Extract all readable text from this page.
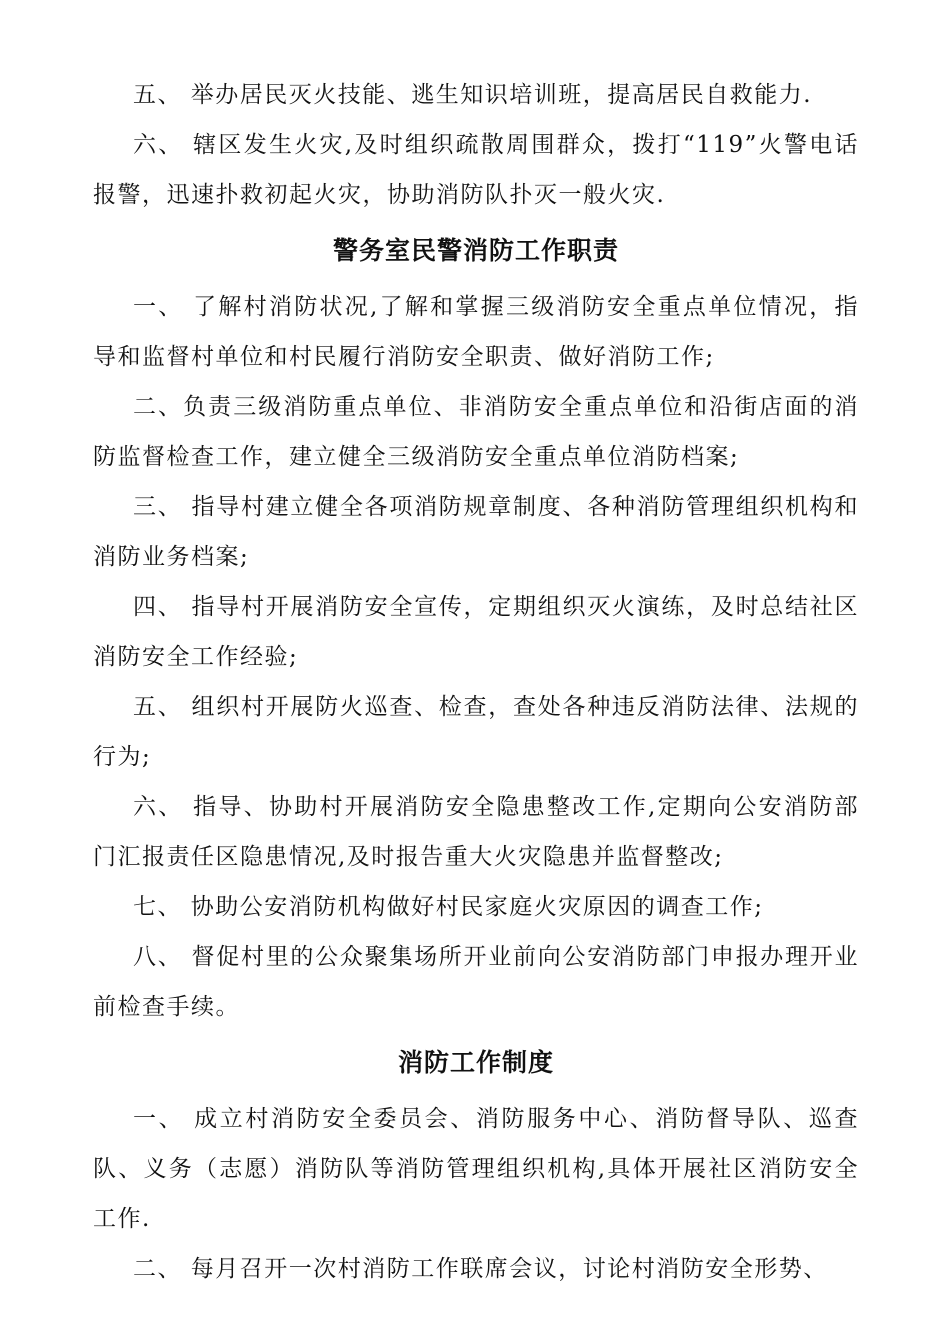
五、 举办居民灭火技能、逃生知识培训班，提高居民自救能力.

六、 辖区发生火灾,及时组织疏散周围群众，拨打“119”火警电话报警，迅速扑救初起火灾，协助消防队扑灭一般火灾.

警务室民警消防工作职责

一、 了解村消防状况,了解和掌握三级消防安全重点单位情况，指导和监督村单位和村民履行消防安全职责、做好消防工作;

二、负责三级消防重点单位、非消防安全重点单位和沿街店面的消防监督检查工作，建立健全三级消防安全重点单位消防档案;

三、 指导村建立健全各项消防规章制度、各种消防管理组织机构和消防业务档案;

四、 指导村开展消防安全宣传，定期组织灭火演练，及时总结社区消防安全工作经验;

五、 组织村开展防火巡查、检查，查处各种违反消防法律、法规的行为;

六、 指导、协助村开展消防安全隐患整改工作,定期向公安消防部门汇报责任区隐患情况,及时报告重大火灾隐患并监督整改;

七、 协助公安消防机构做好村民家庭火灾原因的调查工作;

八、 督促村里的公众聚集场所开业前向公安消防部门申报办理开业前检查手续。

消防工作制度

一、 成立村消防安全委员会、消防服务中心、消防督导队、巡查队、义务（志愿）消防队等消防管理组织机构,具体开展社区消防安全工作.

二、 每月召开一次村消防工作联席会议，讨论村消防安全形势、
